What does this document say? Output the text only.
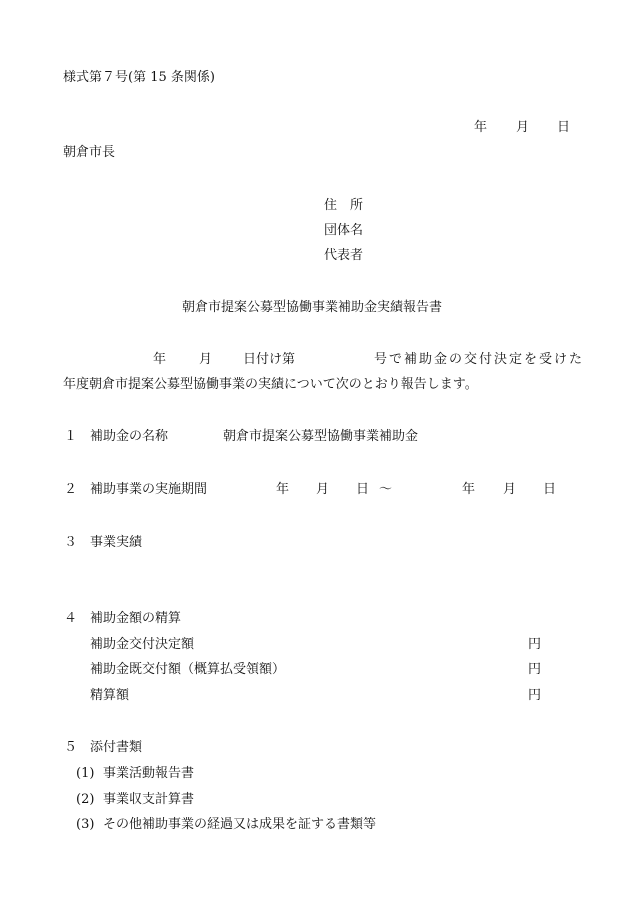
様式第７号(第 15 条関係)
年 月 日
朝倉市長
住　所
団体名
代表者
朝倉市提案公募型協働事業補助金実績報告書
年	月 日付け第	号で補助金の交付決定を受けた
年度朝倉市提案公募型協働事業の実績について次のとおり報告します。
１ 補助金の名称	朝倉市提案公募型協働事業補助金
２ 補助事業の実施期間	年 月 日 ～	年 月 日
３ 事業実績
４ 補助金額の精算
補助金交付決定額	円
補助金既交付額（概算払受領額）	円
精算額	円
５ 添付書類
(1) 事業活動報告書
(2) 事業収支計算書
(3) その他補助事業の経過又は成果を証する書類等
